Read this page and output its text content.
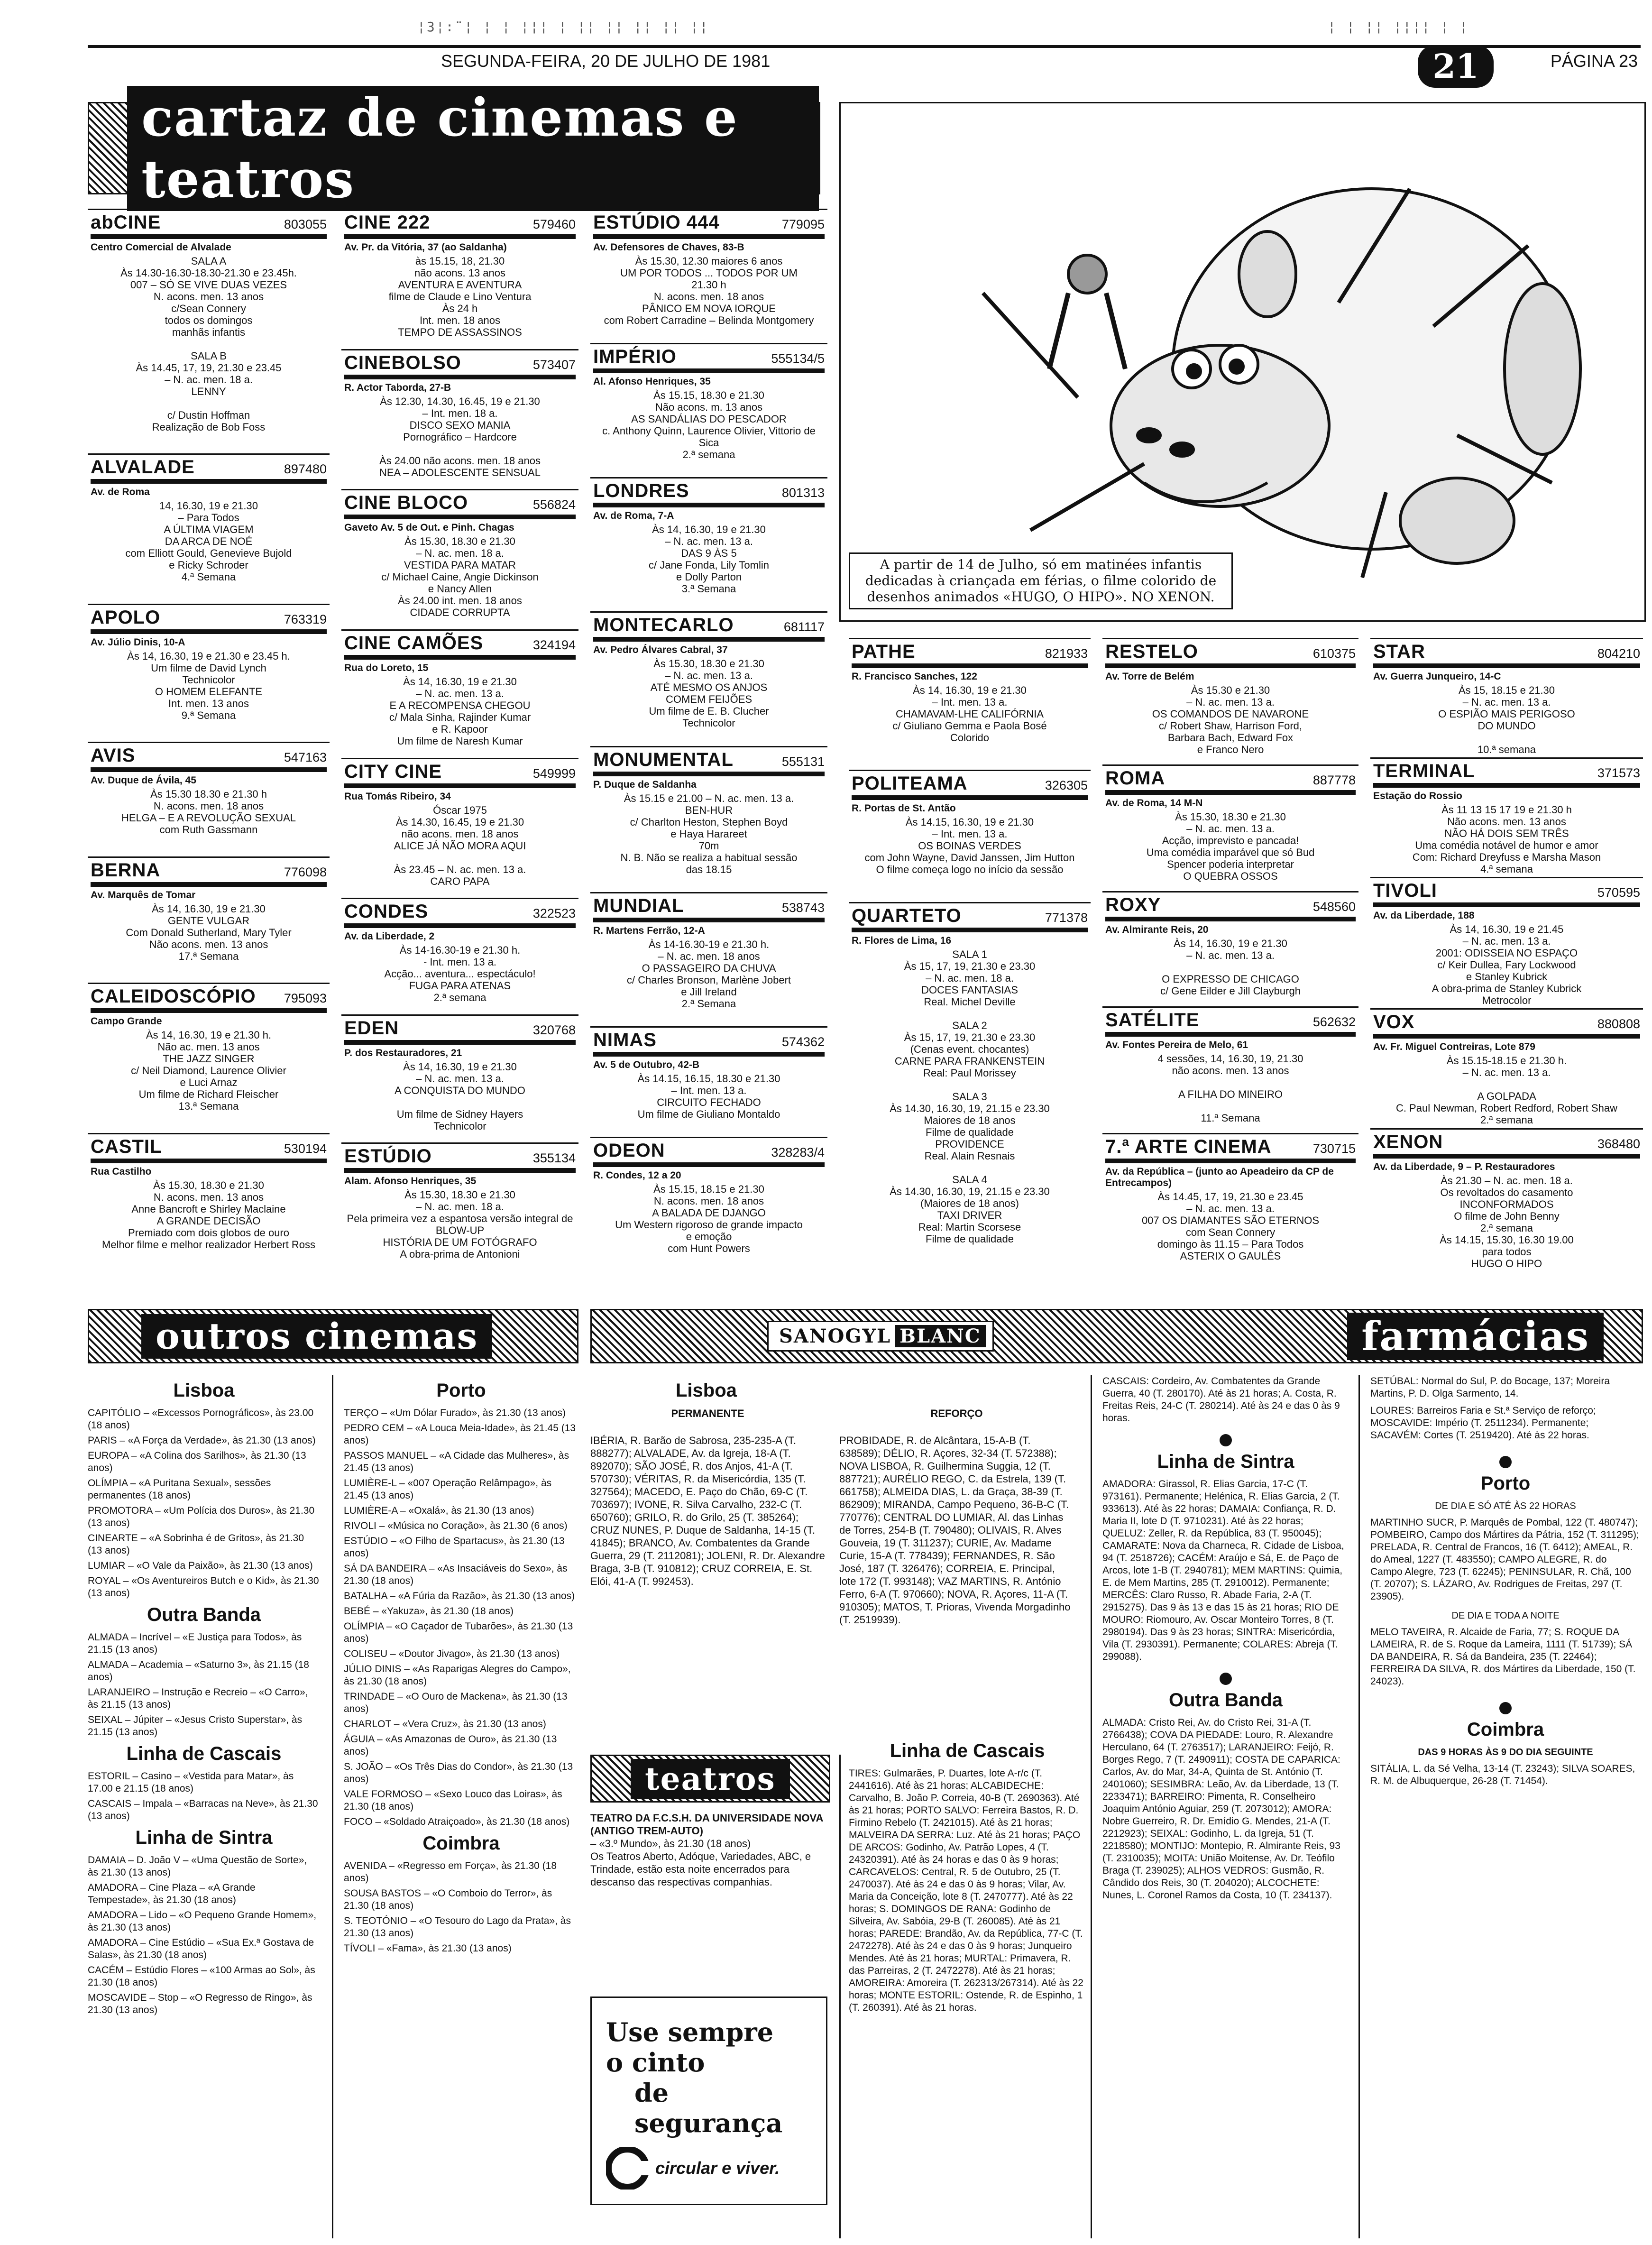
¦3¦:¨¦ ¦ ¦ ¦¦¦ ¦ ¦¦ ¦¦ ¦¦ ¦¦ ¦¦	¦ ¦ ¦¦ ¦¦¦¦ ¦ ¦
SEGUNDA-FEIRA, 20 DE JULHO DE 1981	21	PÁGINA 23
cartaz de cinemas e teatros
A partir de 14 de Julho, só em matinées infantis dedicadas à criançada em férias, o filme colorido de desenhos animados «HUGO, O HIPO». NO XENON.
abCINE	803055
Centro Comercial de Alvalade
SALA A
Às 14.30-16.30-18.30-21.30 e 23.45h.
007 – SÓ SE VIVE DUAS VEZES
N. acons. men. 13 anos
c/Sean Connery
todos os domingos
manhãs infantis

SALA B
Às 14.45, 17, 19, 21.30 e 23.45
– N. ac. men. 18 a.
LENNY

c/ Dustin Hoffman
Realização de Bob Foss
ALVALADE	897480
Av. de Roma
14, 16.30, 19 e 21.30
– Para Todos
A ÚLTIMA VIAGEM
DA ARCA DE NOÉ
com Elliott Gould, Genevieve Bujold
e Ricky Schroder
4.ª Semana
APOLO	763319
Av. Júlio Dinis, 10-A
Às 14, 16.30, 19 e 21.30 e 23.45 h.
Um filme de David Lynch
Technicolor
O HOMEM ELEFANTE
Int. men. 13 anos
9.ª Semana
AVIS	547163
Av. Duque de Ávila, 45
Às 15.30 18.30 e 21.30 h
N. acons. men. 18 anos
HELGA – E A REVOLUÇÃO SEXUAL
com Ruth Gassmann
BERNA	776098
Av. Marquês de Tomar
Às 14, 16.30, 19 e 21.30
GENTE VULGAR
Com Donald Sutherland, Mary Tyler
Não acons. men. 13 anos
17.ª Semana
CALEIDOSCÓPIO 795093
Campo Grande
Às 14, 16.30, 19 e 21.30 h.
Não ac. men. 13 anos
THE JAZZ SINGER
c/ Neil Diamond, Laurence Olivier
e Luci Arnaz
Um filme de Richard Fleischer
13.ª Semana
CASTIL	530194
Rua Castilho
Às 15.30, 18.30 e 21.30
N. acons. men. 13 anos
Anne Bancroft e Shirley Maclaine
A GRANDE DECISÃO
Premiado com dois globos de ouro
Melhor filme e melhor realizador Herbert Ross
CINE 222	579460
Av. Pr. da Vitória, 37 (ao Saldanha)
às 15.15, 18, 21.30
não acons. 13 anos
AVENTURA E AVENTURA
filme de Claude e Lino Ventura
Às 24 h
Int. men. 18 anos
TEMPO DE ASSASSINOS
CINEBOLSO	573407
R. Actor Taborda, 27-B
Às 12.30, 14.30, 16.45, 19 e 21.30
– Int. men. 18 a.
DISCO SEXO MANIA
Pornográfico – Hardcore

Às 24.00 não acons. men. 18 anos
NEA – ADOLESCENTE SENSUAL
CINE BLOCO	556824
Gaveto Av. 5 de Out. e Pinh. Chagas
Às 15.30, 18.30 e 21.30
– N. ac. men. 18 a.
VESTIDA PARA MATAR
c/ Michael Caine, Angie Dickinson
e Nancy Allen
Às 24.00 int. men. 18 anos
CIDADE CORRUPTA
CINE CAMÕES	324194
Rua do Loreto, 15
Às 14, 16.30, 19 e 21.30
– N. ac. men. 13 a.
E A RECOMPENSA CHEGOU
c/ Mala Sinha, Rajinder Kumar
e R. Kapoor
Um filme de Naresh Kumar
CITY CINE	549999
Rua Tomás Ribeiro, 34
Óscar 1975
Às 14.30, 16.45, 19 e 21.30
não acons. men. 18 anos
ALICE JÁ NÃO MORA AQUI

Às 23.45 – N. ac. men. 13 a.
CARO PAPA
CONDES	322523
Av. da Liberdade, 2
Às 14-16.30-19 e 21.30 h.
- Int. men. 13 a.
Acção... aventura... espectáculo!
FUGA PARA ATENAS
2.ª semana
EDEN	320768
P. dos Restauradores, 21
Às 14, 16.30, 19 e 21.30
– N. ac. men. 13 a.
A CONQUISTA DO MUNDO

Um filme de Sidney Hayers
Technicolor
ESTÚDIO	355134
Alam. Afonso Henriques, 35
Às 15.30, 18.30 e 21.30
– N. ac. men. 18 a.
Pela primeira vez a espantosa versão integral de
BLOW-UP
HISTÓRIA DE UM FOTÓGRAFO
A obra-prima de Antonioni
ESTÚDIO 444	779095
Av. Defensores de Chaves, 83-B
Às 15.30, 12.30 maiores 6 anos
UM POR TODOS ... TODOS POR UM
21.30 h
N. acons. men. 18 anos
PÂNICO EM NOVA IORQUE
com Robert Carradine – Belinda Montgomery
IMPÉRIO	555134/5
Al. Afonso Henriques, 35
Às 15.15, 18.30 e 21.30
Não acons. m. 13 anos
AS SANDÁLIAS DO PESCADOR
c. Anthony Quinn, Laurence Olivier, Vittorio de Sica
2.ª semana
LONDRES	801313
Av. de Roma, 7-A
Às 14, 16.30, 19 e 21.30
– N. ac. men. 13 a.
DAS 9 ÀS 5
c/ Jane Fonda, Lily Tomlin
e Dolly Parton
3.ª Semana
MONTECARLO	681117
Av. Pedro Álvares Cabral, 37
Às 15.30, 18.30 e 21.30
– N. ac. men. 13 a.
ATÉ MESMO OS ANJOS
COMEM FEIJÕES
Um filme de E. B. Clucher
Technicolor
MONUMENTAL	555131
P. Duque de Saldanha
Às 15.15 e 21.00 – N. ac. men. 13 a.
BEN-HUR
c/ Charlton Heston, Stephen Boyd
e Haya Harareet
70m
N. B. Não se realiza a habitual sessão
das 18.15
MUNDIAL	538743
R. Martens Ferrão, 12-A
Às 14-16.30-19 e 21.30 h.
– N. ac. men. 18 anos
O PASSAGEIRO DA CHUVA
c/ Charles Bronson, Marlène Jobert
e Jill Ireland
2.ª Semana
NIMAS	574362
Av. 5 de Outubro, 42-B
Às 14.15, 16.15, 18.30 e 21.30
– Int. men. 13 a.
CIRCUITO FECHADO
Um filme de Giuliano Montaldo
ODEON	328283/4
R. Condes, 12 a 20
Às 15.15, 18.15 e 21.30
N. acons. men. 18 anos
A BALADA DE DJANGO
Um Western rigoroso de grande impacto
e emoção
com Hunt Powers
PATHE	821933
R. Francisco Sanches, 122
Às 14, 16.30, 19 e 21.30
– Int. men. 13 a.
CHAMAVAM-LHE CALIFÓRNIA
c/ Giuliano Gemma e Paola Bosé
Colorido
POLITEAMA	326305
R. Portas de St. Antão
Às 14.15, 16.30, 19 e 21.30
– Int. men. 13 a.
OS BOINAS VERDES
com John Wayne, David Janssen, Jim Hutton
O filme começa logo no início da sessão
QUARTETO	771378
R. Flores de Lima, 16
SALA 1
Às 15, 17, 19, 21.30 e 23.30
– N. ac. men. 18 a.
DOCES FANTASIAS
Real. Michel Deville

SALA 2
Às 15, 17, 19, 21.30 e 23.30
(Cenas event. chocantes)
CARNE PARA FRANKENSTEIN
Real: Paul Morissey

SALA 3
Às 14.30, 16.30, 19, 21.15 e 23.30
Maiores de 18 anos
Filme de qualidade
PROVIDENCE
Real. Alain Resnais

SALA 4
Às 14.30, 16.30, 19, 21.15 e 23.30
(Maiores de 18 anos)
TAXI DRIVER
Real: Martin Scorsese
Filme de qualidade
RESTELO	610375
Av. Torre de Belém
Às 15.30 e 21.30
– N. ac. men. 13 a.
OS COMANDOS DE NAVARONE
c/ Robert Shaw, Harrison Ford,
Barbara Bach, Edward Fox
e Franco Nero
ROMA	887778
Av. de Roma, 14 M-N
Às 15.30, 18.30 e 21.30
– N. ac. men. 13 a.
Acção, imprevisto e pancada!
Uma comédia imparável que só Bud
Spencer poderia interpretar
O QUEBRA OSSOS
ROXY	548560
Av. Almirante Reis, 20
Às 14, 16.30, 19 e 21.30
– N. ac. men. 13 a.

O EXPRESSO DE CHICAGO
c/ Gene Eilder e Jill Clayburgh
SATÉLITE	562632
Av. Fontes Pereira de Melo, 61
4 sessões, 14, 16.30, 19, 21.30
não acons. men. 13 anos

A FILHA DO MINEIRO

11.ª Semana
7.ª ARTE CINEMA	730715
Av. da República – (junto ao Apeadeiro da CP de Entrecampos)
Às 14.45, 17, 19, 21.30 e 23.45
– N. ac. men. 13 a.
007 OS DIAMANTES SÃO ETERNOS
com Sean Connery
domingo às 11.15 – Para Todos
ASTERIX O GAULÊS
STAR	804210
Av. Guerra Junqueiro, 14-C
Às 15, 18.15 e 21.30
– N. ac. men. 13 a.
O ESPIÃO MAIS PERIGOSO
DO MUNDO

10.ª semana
TERMINAL	371573
Estação do Rossio
Às 11 13 15 17 19 e 21.30 h
Não acons. men. 13 anos
NÃO HÁ DOIS SEM TRÊS
Uma comédia notável de humor e amor
Com: Richard Dreyfuss e Marsha Mason
4.ª semana
TIVOLI	570595
Av. da Liberdade, 188
Às 14, 16.30, 19 e 21.45
– N. ac. men. 13 a.
2001: ODISSEIA NO ESPAÇO
c/ Keir Dullea, Fary Lockwood
e Stanley Kubrick
A obra-prima de Stanley Kubrick
Metrocolor
VOX	880808
Av. Fr. Miguel Contreiras, Lote 879
Às 15.15-18.15 e 21.30 h.
– N. ac. men. 13 a.

A GOLPADA
C. Paul Newman, Robert Redford, Robert Shaw
2.ª semana
XENON	368480
Av. da Liberdade, 9 – P. Restauradores
Às 21.30 – N. ac. men. 18 a.
Os revoltados do casamento
INCONFORMADOS
O filme de John Benny
2.ª semana
Às 14.15, 15.30, 16.30 19.00
para todos
HUGO O HIPO
outros cinemas	SANOGYL BLANC	farmácias
Lisboa
CAPITÓLIO – «Excessos Pornográficos», às 23.00 (18 anos)
PARIS – «A Força da Verdade», às 21.30 (13 anos)
EUROPA – «A Colina dos Sarilhos», às 21.30 (13 anos)
OLÍMPIA – «A Puritana Sexual», sessões permanentes (18 anos)
PROMOTORA – «Um Polícia dos Duros», às 21.30 (13 anos)
CINEARTE – «A Sobrinha é de Gritos», às 21.30 (13 anos)
LUMIAR – «O Vale da Paixão», às 21.30 (13 anos)
ROYAL – «Os Aventureiros Butch e o Kid», às 21.30 (13 anos)
Outra Banda
ALMADA – Incrível – «E Justiça para Todos», às 21.15 (13 anos)
ALMADA – Academia – «Saturno 3», às 21.15 (18 anos)
LARANJEIRO – Instrução e Recreio – «O Carro», às 21.15 (13 anos)
SEIXAL – Júpiter – «Jesus Cristo Superstar», às 21.15 (13 anos)
Linha de Cascais
ESTORIL – Casino – «Vestida para Matar», às 17.00 e 21.15 (18 anos)
CASCAIS – Impala – «Barracas na Neve», às 21.30 (13 anos)
Linha de Sintra
DAMAIA – D. João V – «Uma Questão de Sorte», às 21.30 (13 anos)
AMADORA – Cine Plaza – «A Grande Tempestade», às 21.30 (18 anos)
AMADORA – Lido – «O Pequeno Grande Homem», às 21.30 (13 anos)
AMADORA – Cine Estúdio – «Sua Ex.ª Gostava de Salas», às 21.30 (18 anos)
CACÉM – Estúdio Flores – «100 Armas ao Sol», às 21.30 (18 anos)
MOSCAVIDE – Stop – «O Regresso de Ringo», às 21.30 (13 anos)
Porto
TERÇO – «Um Dólar Furado», às 21.30 (13 anos)
PEDRO CEM – «A Louca Meia-Idade», às 21.45 (13 anos)
PASSOS MANUEL – «A Cidade das Mulheres», às 21.45 (13 anos)
LUMIÈRE-L – «007 Operação Relâmpago», às 21.45 (13 anos)
LUMIÈRE-A – «Oxalá», às 21.30 (13 anos)
RIVOLI – «Música no Coração», às 21.30 (6 anos)
ESTÚDIO – «O Filho de Spartacus», às 21.30 (13 anos)
SÁ DA BANDEIRA – «As Insaciáveis do Sexo», às 21.30 (18 anos)
BATALHA – «A Fúria da Razão», às 21.30 (13 anos)
BEBÉ – «Yakuza», às 21.30 (18 anos)
OLÍMPIA – «O Caçador de Tubarões», às 21.30 (13 anos)
COLISEU – «Doutor Jivago», às 21.30 (13 anos)
JÚLIO DINIS – «As Raparigas Alegres do Campo», às 21.30 (18 anos)
TRINDADE – «O Ouro de Mackena», às 21.30 (13 anos)
CHARLOT – «Vera Cruz», às 21.30 (13 anos)
ÁGUIA – «As Amazonas de Ouro», às 21.30 (13 anos)
S. JOÃO – «Os Três Dias do Condor», às 21.30 (13 anos)
VALE FORMOSO – «Sexo Louco das Loiras», às 21.30 (18 anos)
FOCO – «Soldado Atraiçoado», às 21.30 (18 anos)
Coimbra
AVENIDA – «Regresso em Força», às 21.30 (18 anos)
SOUSA BASTOS – «O Comboio do Terror», às 21.30 (18 anos)
S. TEOTÓNIO – «O Tesouro do Lago da Prata», às 21.30 (13 anos)
TÍVOLI – «Fama», às 21.30 (13 anos)
Lisboa
PERMANENTE
IBÉRIA, R. Barão de Sabrosa, 235-235-A (T. 888277); ALVALADE, Av. da Igreja, 18-A (T. 892070); SÃO JOSÉ, R. dos Anjos, 41-A (T. 570730); VÉRITAS, R. da Misericórdia, 135 (T. 327564); MACEDO, E. Paço do Chão, 69-C (T. 703697); IVONE, R. Silva Carvalho, 232-C (T. 650760); GRILO, R. do Grilo, 25 (T. 385264); CRUZ NUNES, P. Duque de Saldanha, 14-15 (T. 41845); BRANCO, Av. Combatentes da Grande Guerra, 29 (T. 2112081); JOLENI, R. Dr. Alexandre Braga, 3-B (T. 910812); CRUZ CORREIA, E. St. Elói, 41-A (T. 992453).
REFORÇO
PROBIDADE, R. de Alcântara, 15-A-B (T. 638589); DÉLIO, R. Açores, 32-34 (T. 572388); NOVA LISBOA, R. Guilhermina Suggia, 12 (T. 887721); AURÉLIO REGO, C. da Estrela, 139 (T. 661758); ALMEIDA DIAS, L. da Graça, 38-39 (T. 862909); MIRANDA, Campo Pequeno, 36-B-C (T. 770776); CENTRAL DO LUMIAR, Al. das Linhas de Torres, 254-B (T. 790480); OLIVAIS, R. Alves Gouveia, 19 (T. 311237); CURIE, Av. Madame Curie, 15-A (T. 778439); FERNANDES, R. São José, 187 (T. 326476); CORREIA, E. Principal, lote 172 (T. 993148); VAZ MARTINS, R. António Ferro, 6-A (T. 970660); NOVA, R. Açores, 11-A (T. 910305); MATOS, T. Prioras, Vivenda Morgadinho (T. 2519939).
teatros
TEATRO DA F.C.S.H. DA UNIVERSIDADE NOVA (ANTIGO TREM-AUTO)
– «3.º Mundo», às 21.30 (18 anos)
Os Teatros Aberto, Adóque, Variedades, ABC, e Trindade, estão esta noite encerrados para descanso das respectivas companhias.
Use sempre
o cinto
de segurança
circular e viver.
Linha de Cascais
TIRES: Gulmarães, P. Duartes, lote A-r/c (T. 2441616). Até às 21 horas; ALCABIDECHE: Carvalho, B. João P. Correia, 40-B (T. 2690363). Até às 21 horas; PORTO SALVO: Ferreira Bastos, R. D. Firmino Rebelo (T. 2421015). Até às 21 horas; MALVEIRA DA SERRA: Luz. Até às 21 horas; PAÇO DE ARCOS: Godinho, Av. Patrão Lopes, 4 (T. 24320391). Até às 24 horas e das 0 às 9 horas; CARCAVELOS: Central, R. 5 de Outubro, 25 (T. 2470037). Até às 24 e das 0 às 9 horas; Vilar, Av. Maria da Conceição, lote 8 (T. 2470777). Até às 22 horas; S. DOMINGOS DE RANA: Godinho de Silveira, Av. Sabóia, 29-B (T. 260085). Até às 21 horas; PAREDE: Brandão, Av. da República, 77-C (T. 2472278). Até às 24 e das 0 às 9 horas; Junqueiro Mendes. Até às 21 horas; MURTAL: Primavera, R. das Parreiras, 2 (T. 2472278). Até às 21 horas; AMOREIRA: Amoreira (T. 262313/267314). Até às 22 horas; MONTE ESTORIL: Ostende, R. de Espinho, 1 (T. 260391). Até às 21 horas.
CASCAIS: Cordeiro, Av. Combatentes da Grande Guerra, 40 (T. 280170). Até às 21 horas; A. Costa, R. Freitas Reis, 24-C (T. 280214). Até às 24 e das 0 às 9 horas.
Linha de Sintra
AMADORA: Girassol, R. Elias Garcia, 17-C (T. 973161). Permanente; Helénica, R. Elias Garcia, 2 (T. 933613). Até às 22 horas; DAMAIA: Confiança, R. D. Maria II, lote D (T. 9710231). Até às 22 horas; QUELUZ: Zeller, R. da República, 83 (T. 950045); CAMARATE: Nova da Charneca, R. Cidade de Lisboa, 94 (T. 2518726); CACÉM: Araújo e Sá, E. de Paço de Arcos, lote 1-B (T. 2940781); MEM MARTINS: Quimia, E. de Mem Martins, 285 (T. 2910012). Permanente; MERCÊS: Claro Russo, R. Abade Faria, 2-A (T. 2915275). Das 9 às 13 e das 15 às 21 horas; RIO DE MOURO: Riomouro, Av. Oscar Monteiro Torres, 8 (T. 2980194). Das 9 às 23 horas; SINTRA: Misericórdia, Vila (T. 2930391). Permanente; COLARES: Abreja (T. 299088).
Outra Banda
ALMADA: Cristo Rei, Av. do Cristo Rei, 31-A (T. 2766438); COVA DA PIEDADE: Louro, R. Alexandre Herculano, 64 (T. 2763517); LARANJEIRO: Feijó, R. Borges Rego, 7 (T. 2490911); COSTA DE CAPARICA: Carlos, Av. do Mar, 34-A, Quinta de St. António (T. 2401060); SESIMBRA: Leão, Av. da Liberdade, 13 (T. 2233471); BARREIRO: Pimenta, R. Conselheiro Joaquim António Aguiar, 259 (T. 2073012); AMORA: Nobre Guerreiro, R. Dr. Emídio G. Mendes, 21-A (T. 2212923); SEIXAL: Godinho, L. da Igreja, 51 (T. 2218580); MONTIJO: Montepio, R. Almirante Reis, 93 (T. 2310035); MOITA: União Moitense, Av. Dr. Teófilo Braga (T. 239025); ALHOS VEDROS: Gusmão, R. Cândido dos Reis, 30 (T. 204020); ALCOCHETE: Nunes, L. Coronel Ramos da Costa, 10 (T. 234137).
SETÚBAL: Normal do Sul, P. do Bocage, 137; Moreira Martins, P. D. Olga Sarmento, 14.
LOURES: Barreiros Faria e St.ª Serviço de reforço; MOSCAVIDE: Império (T. 2511234). Permanente; SACAVÉM: Cortes (T. 2519420). Até às 22 horas.
Porto
DE DIA E SÓ ATÉ ÀS 22 HORAS
MARTINHO SUCR, P. Marquês de Pombal, 122 (T. 480747); POMBEIRO, Campo dos Mártires da Pátria, 152 (T. 311295); PRELADA, R. Central de Francos, 16 (T. 6412); AMEAL, R. do Ameal, 1227 (T. 483550); CAMPO ALEGRE, R. do Campo Alegre, 723 (T. 62245); PENINSULAR, R. Chã, 100 (T. 20707); S. LÁZARO, Av. Rodrigues de Freitas, 297 (T. 23905).
DE DIA E TODA A NOITE
MELO TAVEIRA, R. Alcaide de Faria, 77; S. ROQUE DA LAMEIRA, R. de S. Roque da Lameira, 1111 (T. 51739); SÁ DA BANDEIRA, R. Sá da Bandeira, 235 (T. 22464); FERREIRA DA SILVA, R. dos Mártires da Liberdade, 150 (T. 24023).
Coimbra
DAS 9 HORAS ÀS 9 DO DIA SEGUINTE
SITÁLIA, L. da Sé Velha, 13-14 (T. 23243); SILVA SOARES, R. M. de Albuquerque, 26-28 (T. 71454).
